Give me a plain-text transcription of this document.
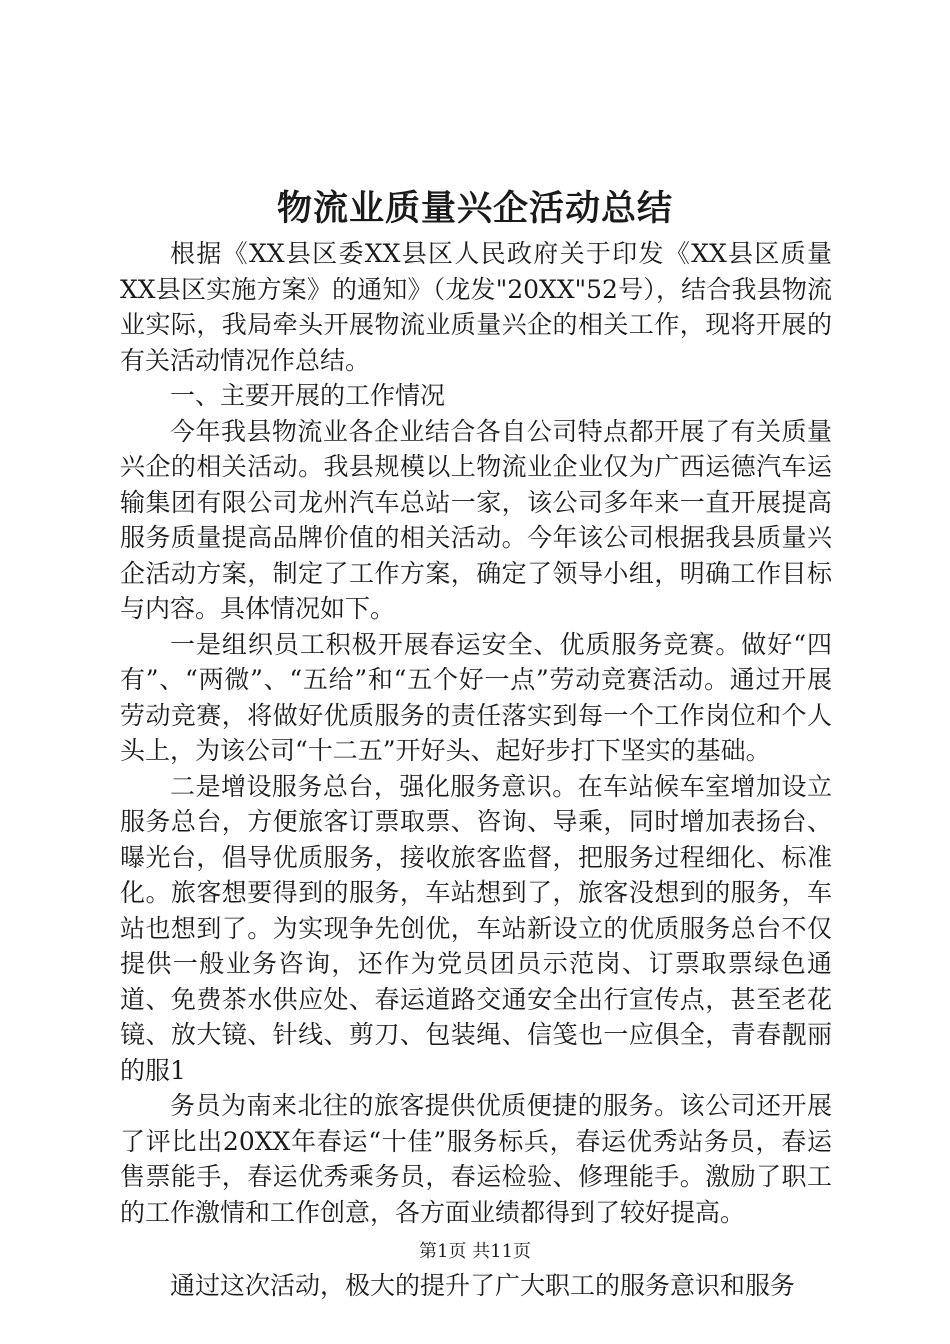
物流业质量兴企活动总结

根据《XX县区委XX县区人民政府关于印发《XX县区质量XX县区实施方案》的通知》（龙发"20XX"52号），结合我县物流业实际，我局牵头开展物流业质量兴企的相关工作，现将开展的有关活动情况作总结。

一、主要开展的工作情况

今年我县物流业各企业结合各自公司特点都开展了有关质量兴企的相关活动。我县规模以上物流业企业仅为广西运德汽车运输集团有限公司龙州汽车总站一家，该公司多年来一直开展提高服务质量提高品牌价值的相关活动。今年该公司根据我县质量兴企活动方案，制定了工作方案，确定了领导小组，明确工作目标与内容。具体情况如下。

一是组织员工积极开展春运安全、优质服务竞赛。做好“四有”、“两微”、“五给”和“五个好一点”劳动竞赛活动。通过开展劳动竞赛，将做好优质服务的责任落实到每一个工作岗位和个人头上，为该公司“十二五”开好头、起好步打下坚实的基础。

二是增设服务总台，强化服务意识。在车站候车室增加设立服务总台，方便旅客订票取票、咨询、导乘，同时增加表扬台、曝光台，倡导优质服务，接收旅客监督，把服务过程细化、标准化。旅客想要得到的服务，车站想到了，旅客没想到的服务，车站也想到了。为实现争先创优，车站新设立的优质服务总台不仅提供一般业务咨询，还作为党员团员示范岗、订票取票绿色通道、免费茶水供应处、春运道路交通安全出行宣传点，甚至老花镜、放大镜、针线、剪刀、包装绳、信笺也一应俱全，青春靓丽的服1

务员为南来北往的旅客提供优质便捷的服务。该公司还开展了评比出20XX年春运“十佳”服务标兵，春运优秀站务员，春运售票能手，春运优秀乘务员，春运检验、修理能手。激励了职工的工作激情和工作创意，各方面业绩都得到了较好提高。

通过这次活动，极大的提升了广大职工的服务意识和服务

第1页 共11页
